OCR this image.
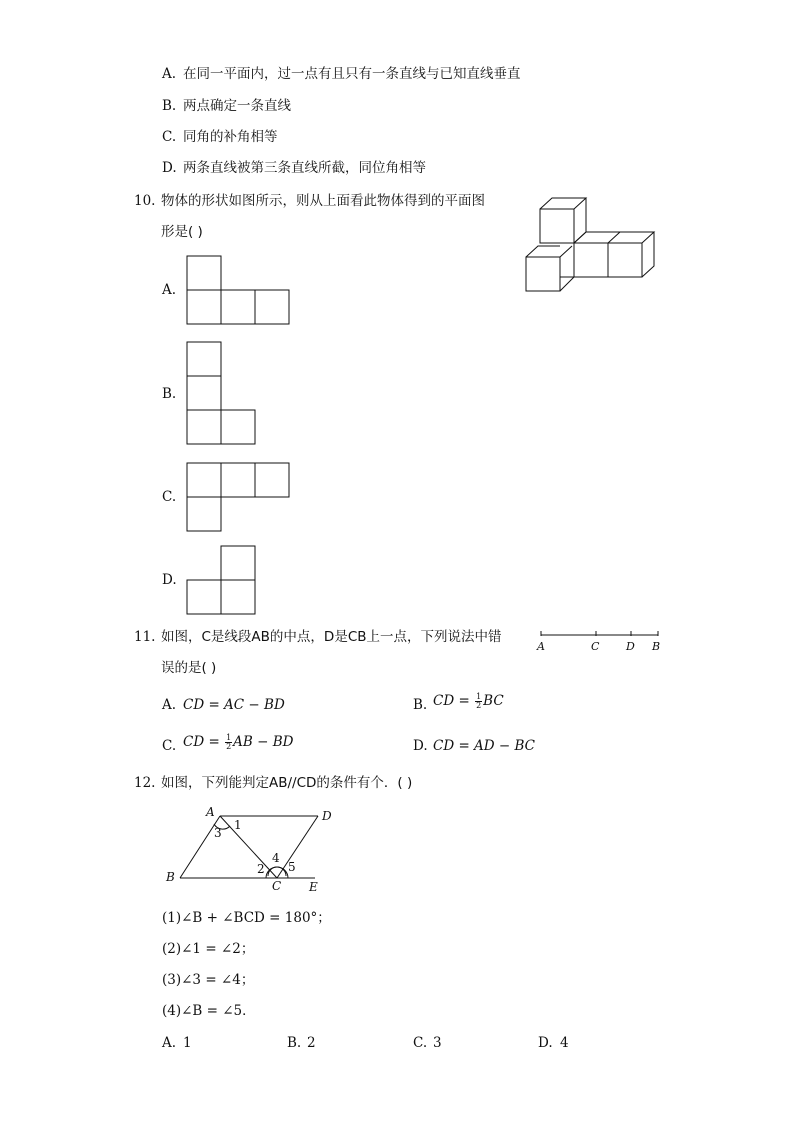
A. 在同一平面内，过一点有且只有一条直线与已知直线垂直
B. 两点确定一条直线
C. 同角的补角相等
D. 两条直线被第三条直线所截，同位角相等
10. 物体的形状如图所示，则从上面看此物体得到的平面图
形是( )
A.
B.
C.
D.
11. 如图，C是线段AB的中点，D是CB上一点，下列说法中错
误的是( )
A	C D B
A. CD = AC − BD	B. CD = $\frac{1}{2}$ BC
C. CD = $\frac{1}{2}$ AB − BD	D. CD = AD − BC
12. 如图，下列能判定AB∕∕CD的条件有个．( )
A
1
3
D
4
2 5
B
C E
(1)∠B + ∠BCD = 180°；
(2)∠1 = ∠2；
(3)∠3 = ∠4；
(4)∠B = ∠5．
A. 1	B. 2	C. 3	D. 4
